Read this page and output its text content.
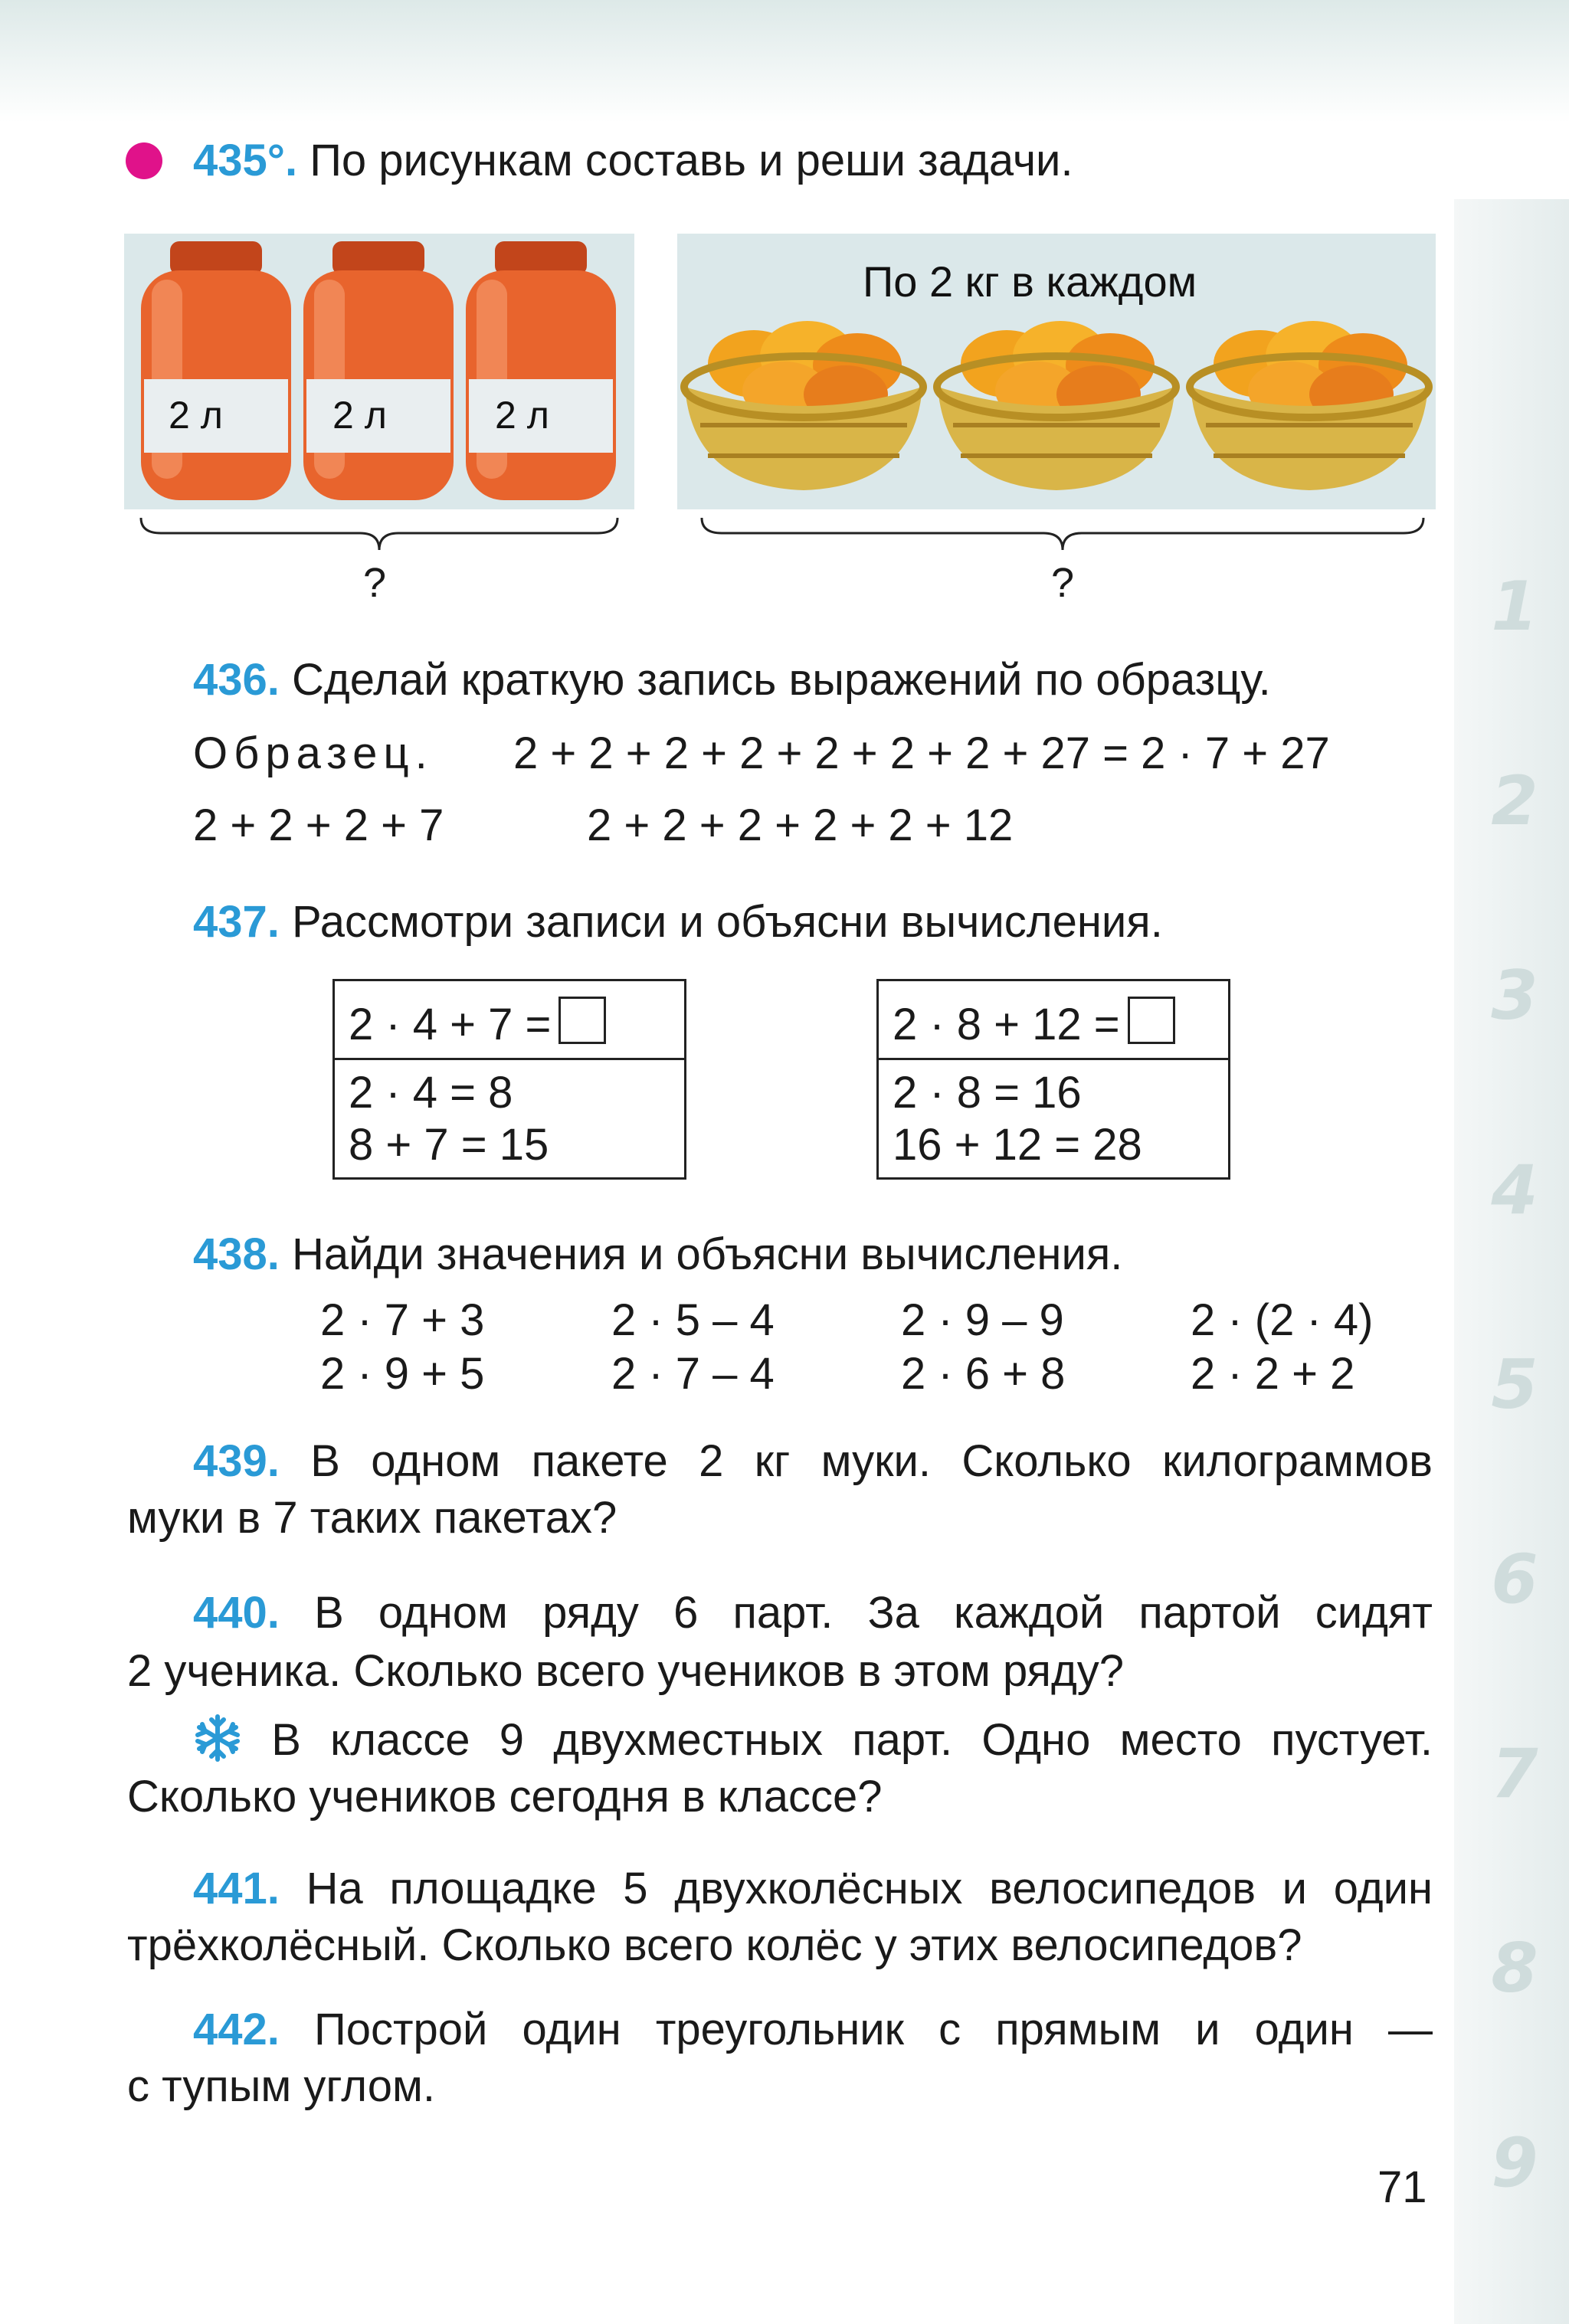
1
2
3
4
5
6
7
8
9
435°. По рисункам составь и реши задачи.
2 л	2 л	2 л
По 2 кг в каждом
?	?
436. Сделай краткую запись выражений по образцу.
Образец. 2 + 2 + 2 + 2 + 2 + 2 + 2 + 27 = 2 · 7 + 27
2 + 2 + 2 + 7	2 + 2 + 2 + 2 + 2 + 12
437. Рассмотри записи и объясни вычисления.
2 · 4 + 7 =
2 · 4 = 8
8 + 7 = 15
2 · 8 + 12 =
2 · 8 = 16
16 + 12 = 28
438. Найди значения и объясни вычисления.
2 · 7 + 3	2 · 5 – 4	2 · 9 – 9	2 · (2 · 4)
2 · 9 + 5	2 · 7 – 4	2 · 6 + 8	2 · 2 + 2
439. В одном пакете 2 кг муки. Сколько килограммов
муки в 7 таких пакетах?
440. В одном ряду 6 парт. За каждой партой сидят
2 ученика. Сколько всего учеников в этом ряду?
В классе 9 двухместных парт. Одно место пустует.
Сколько учеников сегодня в классе?
441. На площадке 5 двухколёсных велосипедов и один
трёхколёсный. Сколько всего колёс у этих велосипедов?
442. Построй один треугольник с прямым и один —
с тупым углом.
71
